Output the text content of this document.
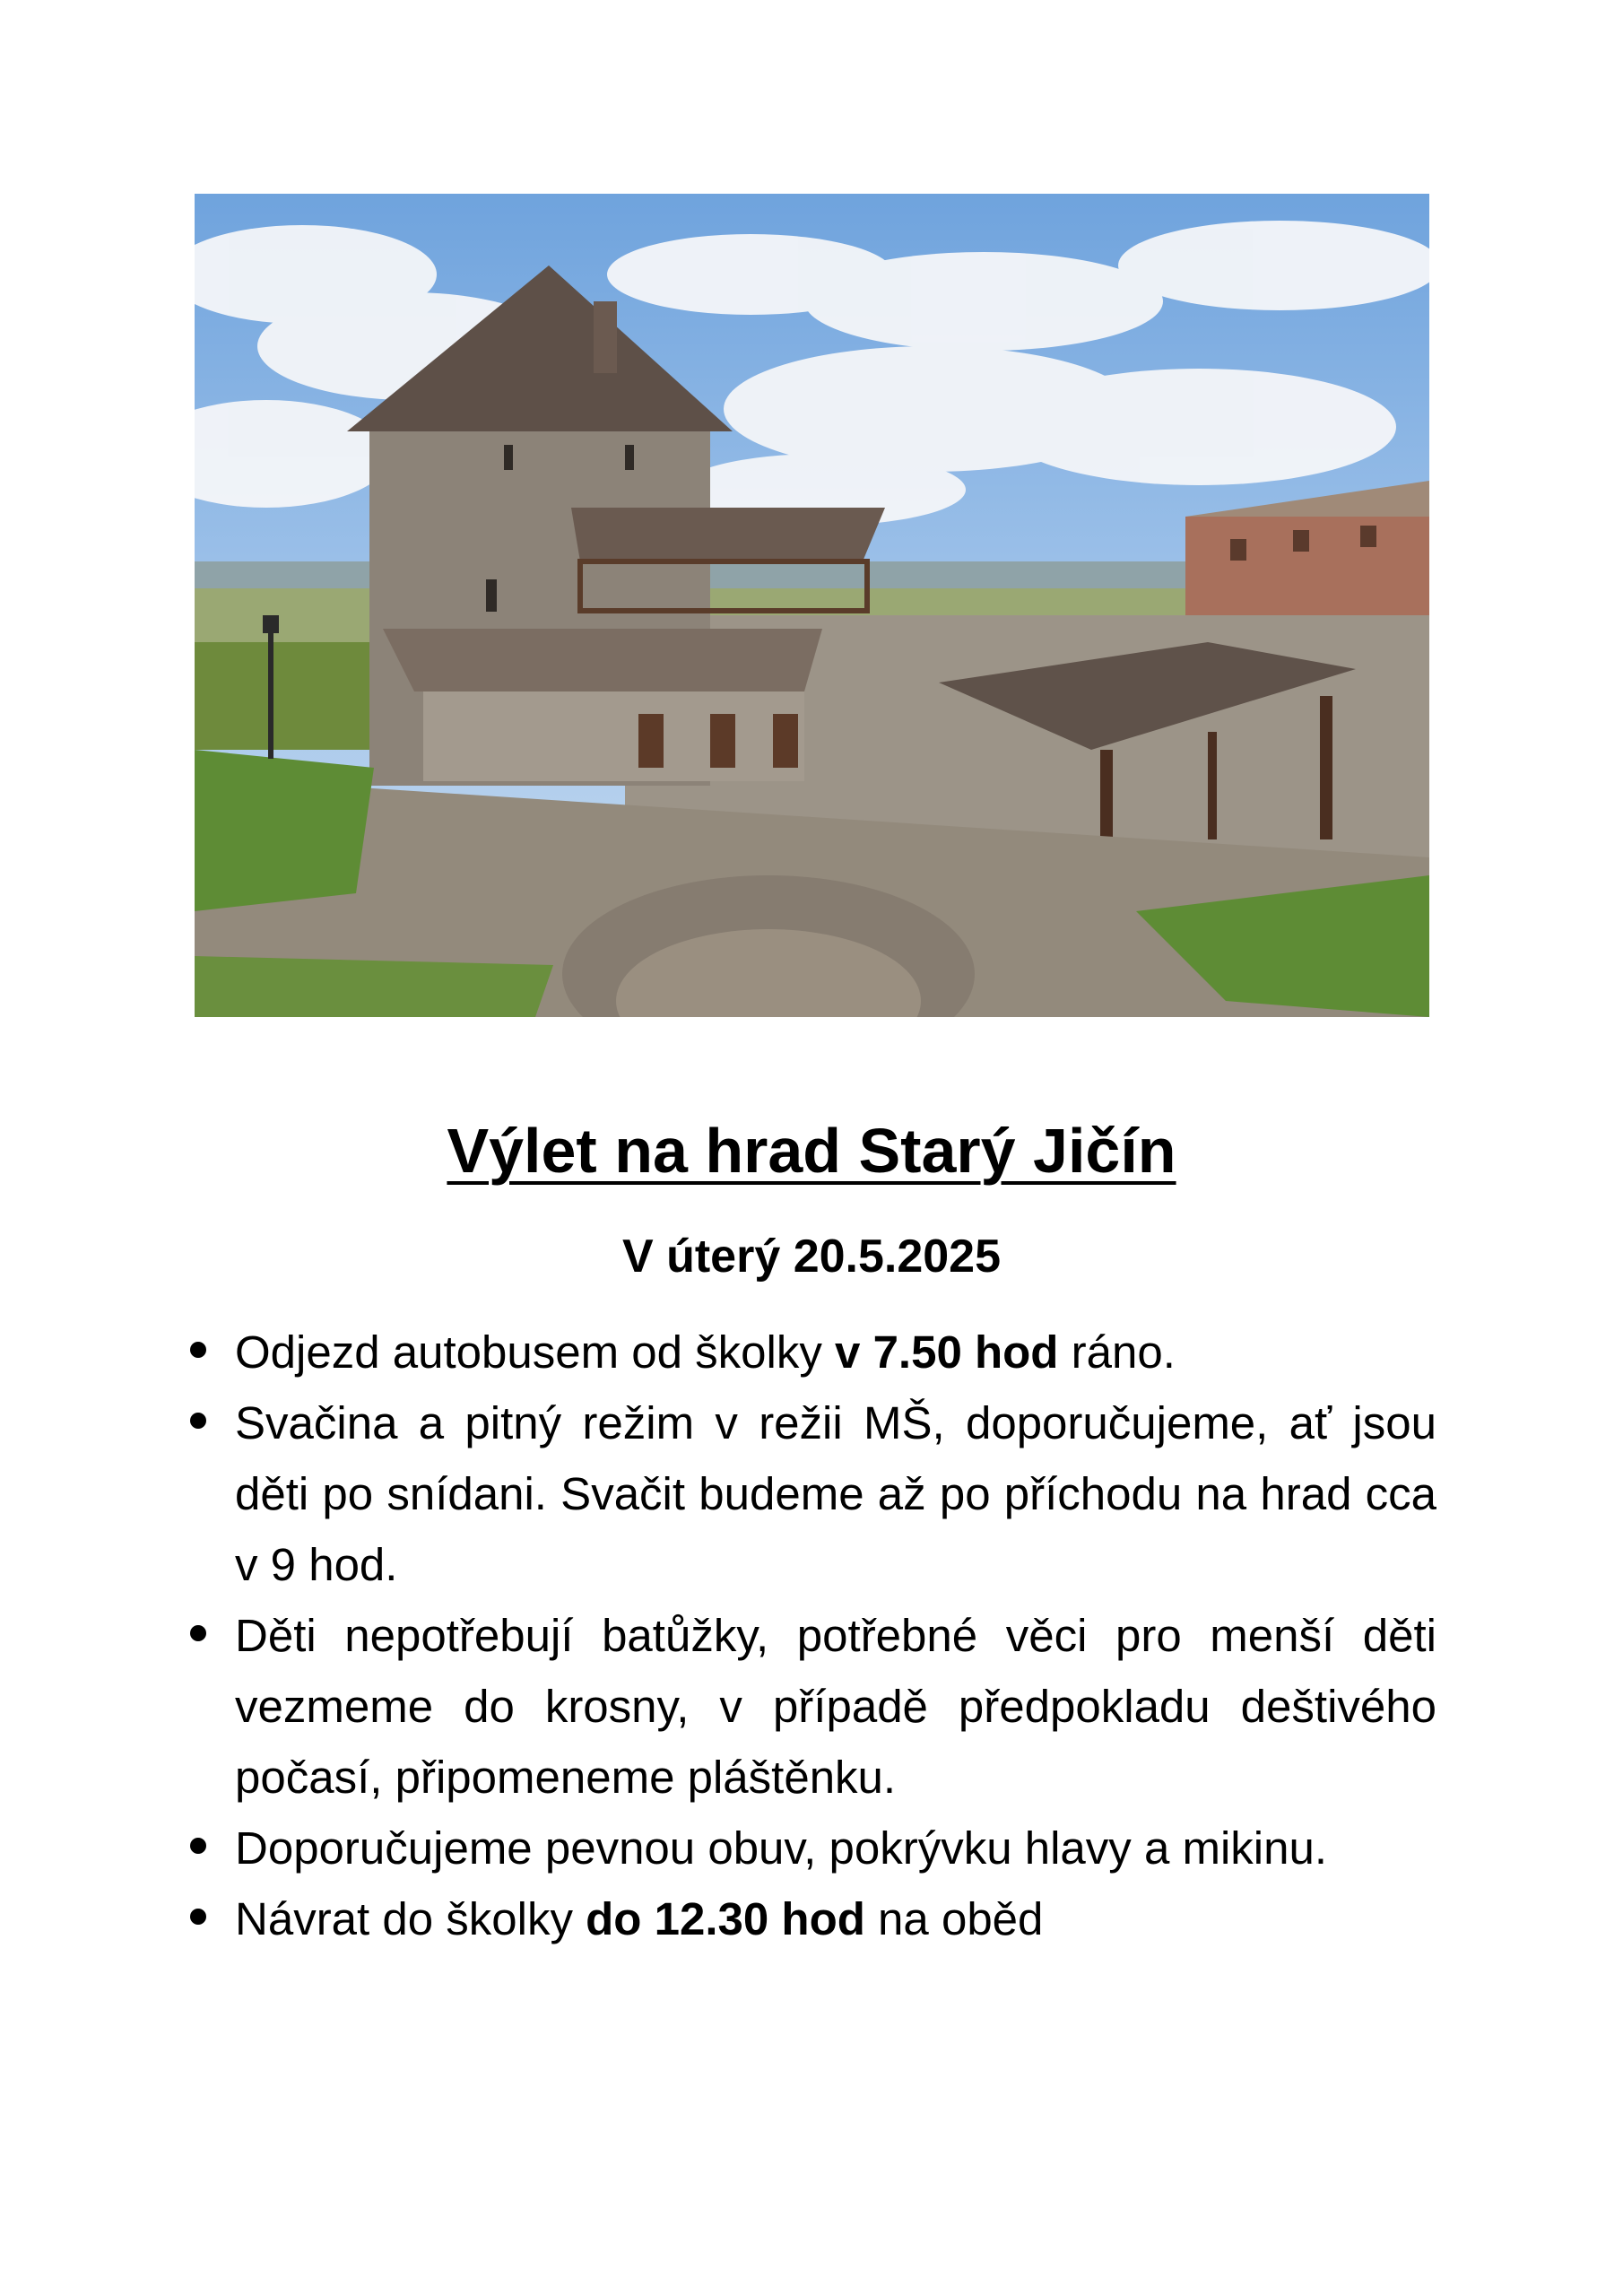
Výlet na hrad Starý Jičín

V úterý 20.5.2025

Odjezd autobusem od školky v 7.50 hod ráno.
Svačina a pitný režim v režii MŠ, doporučujeme, ať jsou děti po snídani. Svačit budeme až po příchodu na hrad cca v 9 hod.
Děti nepotřebují batůžky, potřebné věci pro menší děti vezmeme do krosny, v případě předpokladu deštivého počasí, připomeneme pláštěnku.
Doporučujeme pevnou obuv, pokrývku hlavy a mikinu.
Návrat do školky do 12.30 hod na oběd
